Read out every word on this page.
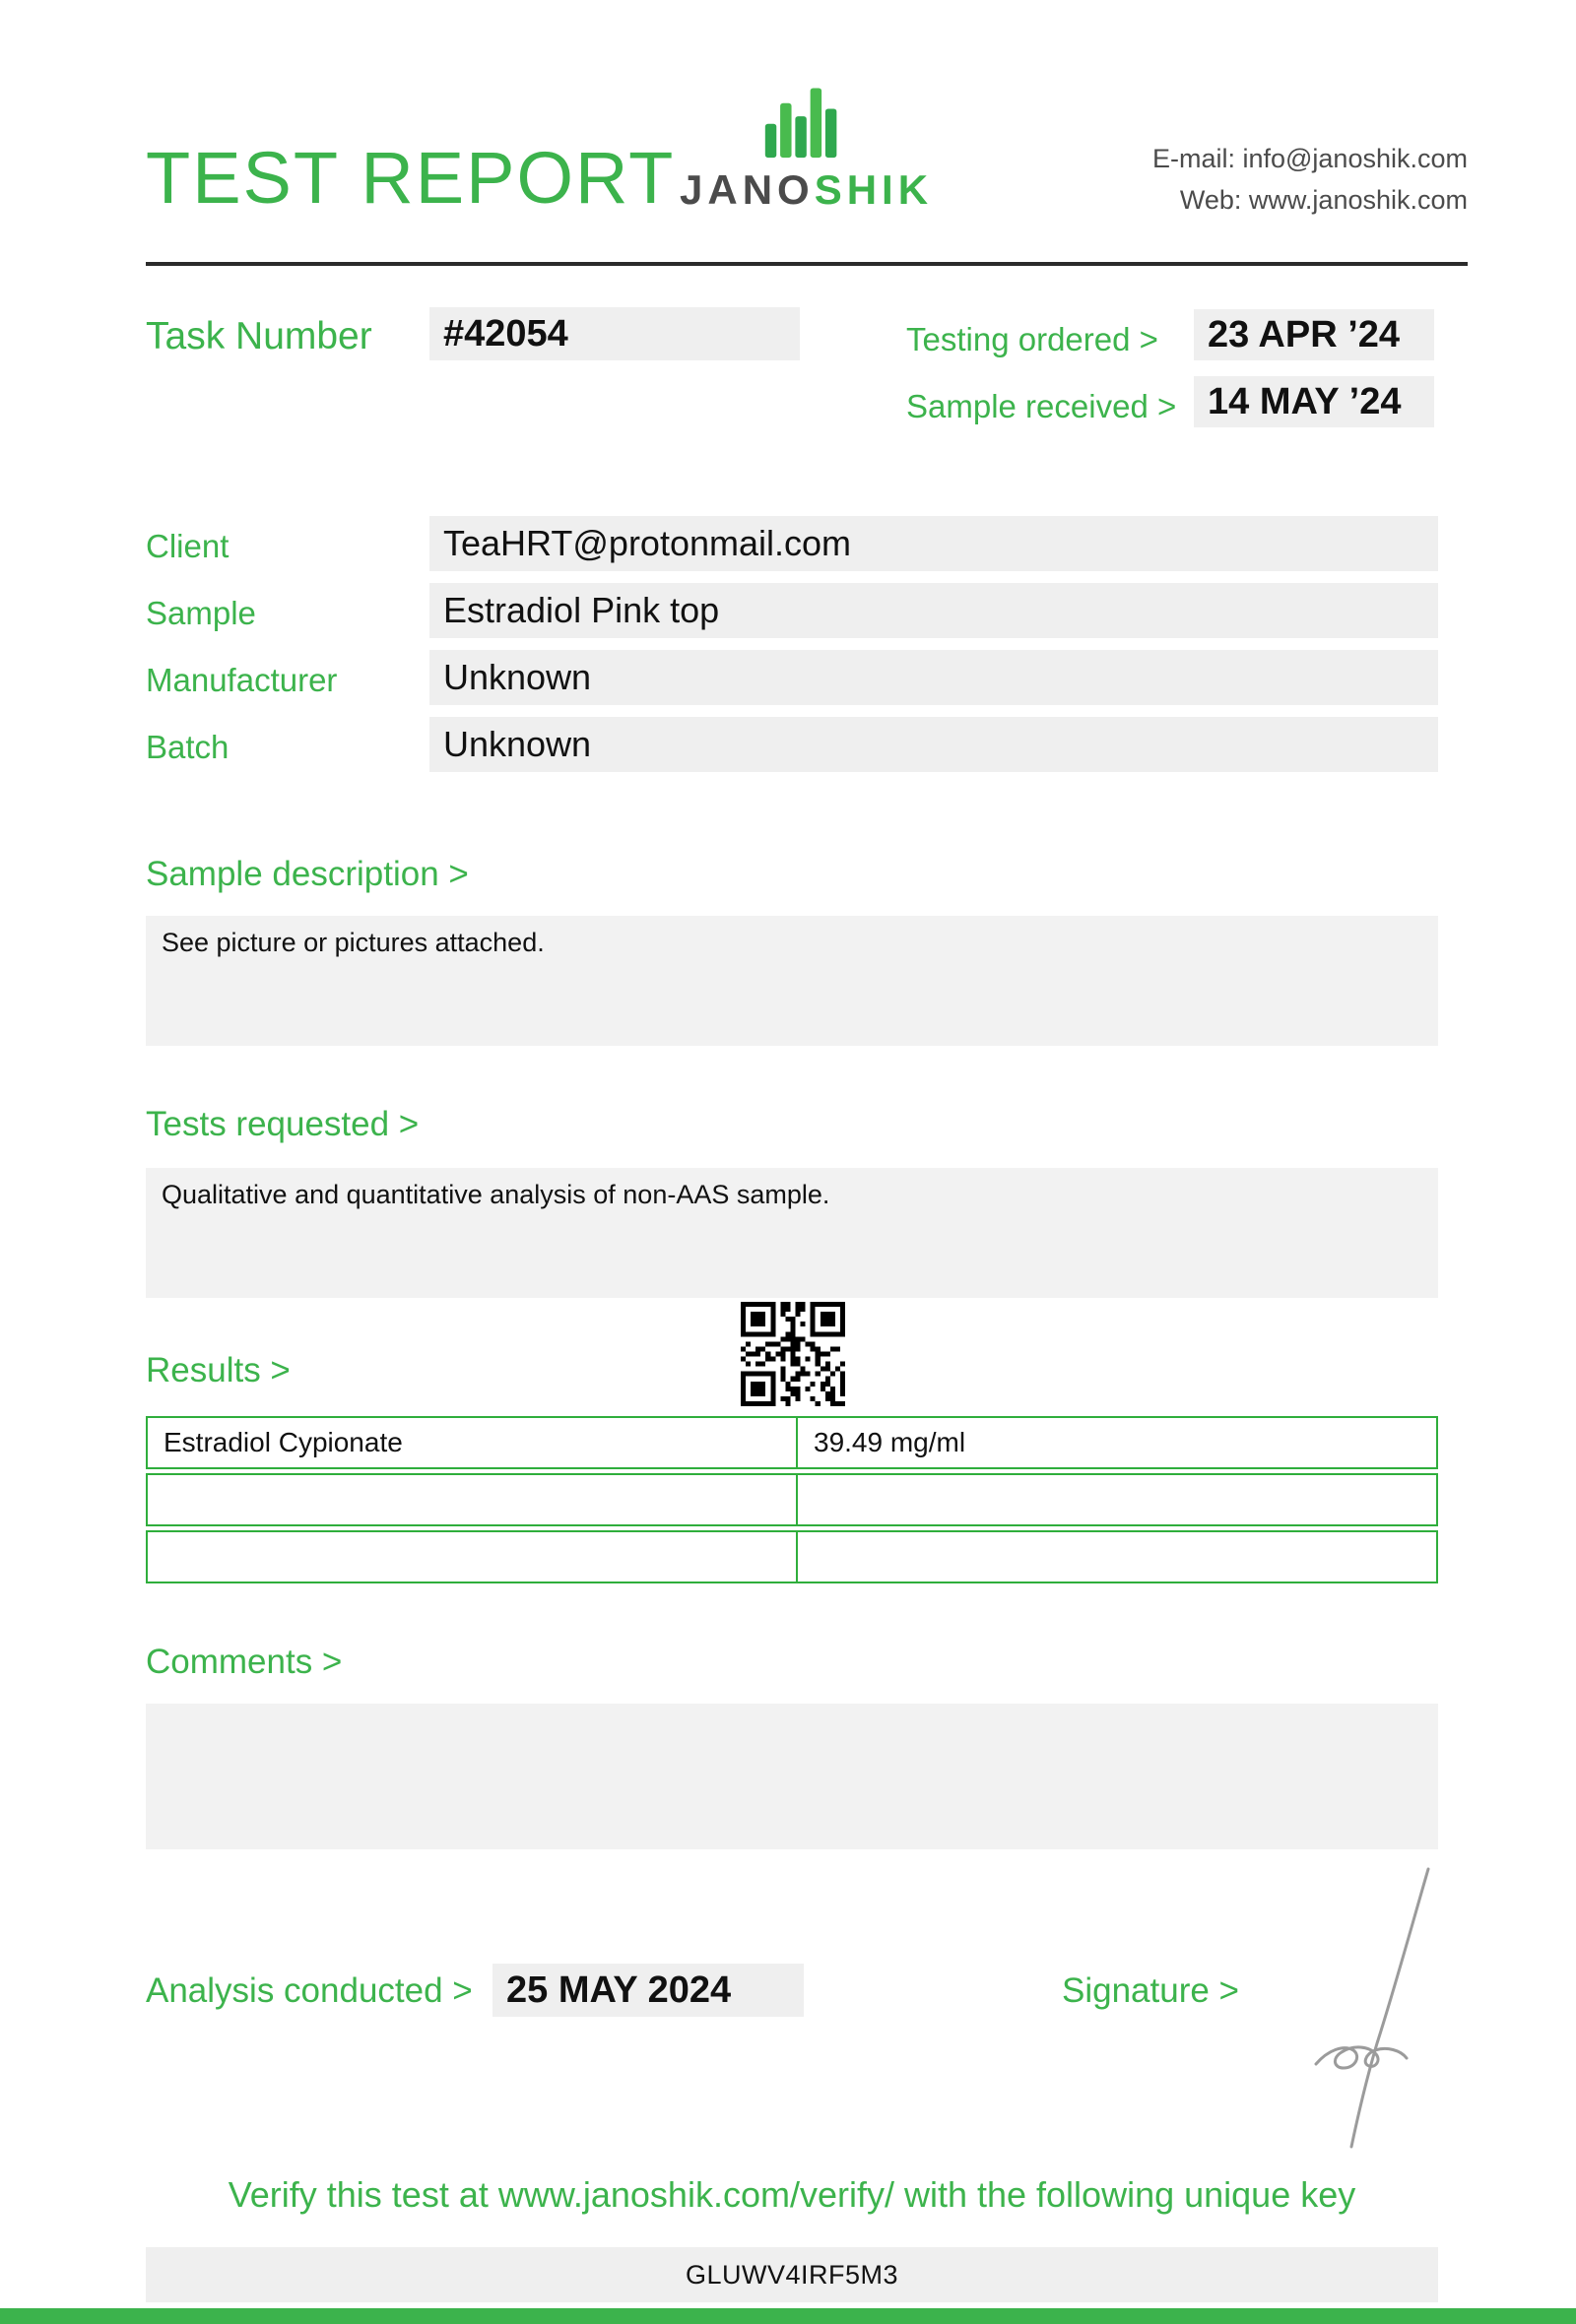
TEST REPORT JANOSHIK
E-mail: info@janoshik.com
Web: www.janoshik.com
Task Number	#42054	Testing ordered >	23 APR ’24
Sample received > 14 MAY ’24
Client	TeaHRT@protonmail.com
Sample	Estradiol Pink top
Manufacturer	Unknown
Batch	Unknown
Sample description >
See picture or pictures attached.
Tests requested >
Qualitative and quantitative analysis of non-AAS sample.
Results >
Estradiol Cypionate	39.49 mg/ml
Comments >
Analysis conducted > 25 MAY 2024	Signature >
Verify this test at www.janoshik.com/verify/ with the following unique key
GLUWV4IRF5M3
